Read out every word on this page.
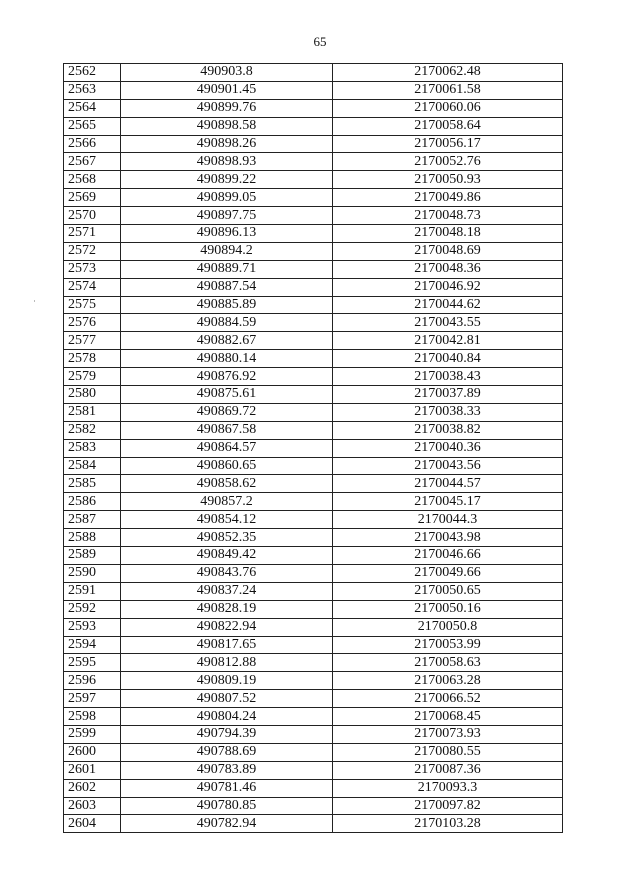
65
2562	490903.8	2170062.48
2563	490901.45	2170061.58
2564	490899.76	2170060.06
2565	490898.58	2170058.64
2566	490898.26	2170056.17
2567	490898.93	2170052.76
2568	490899.22	2170050.93
2569	490899.05	2170049.86
2570	490897.75	2170048.73
2571	490896.13	2170048.18
2572	490894.2	2170048.69
2573	490889.71	2170048.36
2574	490887.54	2170046.92
2575	490885.89	2170044.62
2576	490884.59	2170043.55
2577	490882.67	2170042.81
2578	490880.14	2170040.84
2579	490876.92	2170038.43
2580	490875.61	2170037.89
2581	490869.72	2170038.33
2582	490867.58	2170038.82
2583	490864.57	2170040.36
2584	490860.65	2170043.56
2585	490858.62	2170044.57
2586	490857.2	2170045.17
2587	490854.12	2170044.3
2588	490852.35	2170043.98
2589	490849.42	2170046.66
2590	490843.76	2170049.66
2591	490837.24	2170050.65
2592	490828.19	2170050.16
2593	490822.94	2170050.8
2594	490817.65	2170053.99
2595	490812.88	2170058.63
2596	490809.19	2170063.28
2597	490807.52	2170066.52
2598	490804.24	2170068.45
2599	490794.39	2170073.93
2600	490788.69	2170080.55
2601	490783.89	2170087.36
2602	490781.46	2170093.3
2603	490780.85	2170097.82
2604	490782.94	2170103.28
